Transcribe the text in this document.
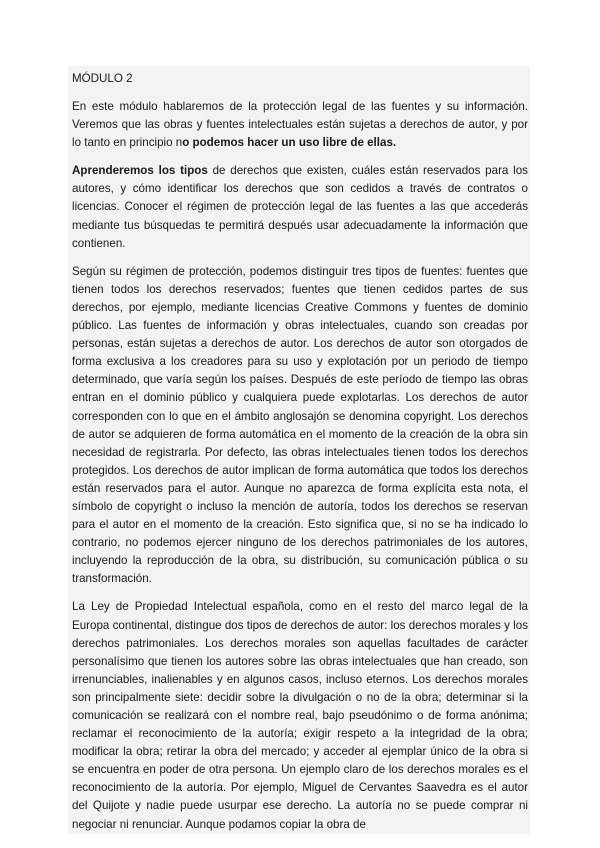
MÓDULO 2

En este módulo hablaremos de la protección legal de las fuentes y su información. Veremos que las obras y fuentes intelectuales están sujetas a derechos de autor, y por lo tanto en principio no podemos hacer un uso libre de ellas.

Aprenderemos los tipos de derechos que existen, cuáles están reservados para los autores, y cómo identificar los derechos que son cedidos a través de contratos o licencias. Conocer el régimen de protección legal de las fuentes a las que accederás mediante tus búsquedas te permitirá después usar adecuadamente la información que contienen.

Según su régimen de protección, podemos distinguir tres tipos de fuentes: fuentes que tienen todos los derechos reservados; fuentes que tienen cedidos partes de sus derechos, por ejemplo, mediante licencias Creative Commons y fuentes de dominio público. Las fuentes de información y obras intelectuales, cuando son creadas por personas, están sujetas a derechos de autor. Los derechos de autor son otorgados de forma exclusiva a los creadores para su uso y explotación por un periodo de tiempo determinado, que varía según los países. Después de este período de tiempo las obras entran en el dominio público y cualquiera puede explotarlas. Los derechos de autor corresponden con lo que en el ámbito anglosajón se denomina copyright. Los derechos de autor se adquieren de forma automática en el momento de la creación de la obra sin necesidad de registrarla. Por defecto, las obras intelectuales tienen todos los derechos protegidos. Los derechos de autor implican de forma automática que todos los derechos están reservados para el autor. Aunque no aparezca de forma explícita esta nota, el símbolo de copyright o incluso la mención de autoría, todos los derechos se reservan para el autor en el momento de la creación. Esto significa que, si no se ha indicado lo contrario, no podemos ejercer ninguno de los derechos patrimoniales de los autores, incluyendo la reproducción de la obra, su distribución, su comunicación pública o su transformación.

La Ley de Propiedad Intelectual española, como en el resto del marco legal de la Europa continental, distingue dos tipos de derechos de autor: los derechos morales y los derechos patrimoniales. Los derechos morales son aquellas facultades de carácter personalísimo que tienen los autores sobre las obras intelectuales que han creado, son irrenunciables, inalienables y en algunos casos, incluso eternos. Los derechos morales son principalmente siete: decidir sobre la divulgación o no de la obra; determinar si la comunicación se realizará con el nombre real, bajo pseudónimo o de forma anónima; reclamar el reconocimiento de la autoría; exigir respeto a la integridad de la obra; modificar la obra; retirar la obra del mercado; y acceder al ejemplar único de la obra si se encuentra en poder de otra persona. Un ejemplo claro de los derechos morales es el reconocimiento de la autoría. Por ejemplo, Miguel de Cervantes Saavedra es el autor del Quijote y nadie puede usurpar ese derecho. La autoría no se puede comprar ni negociar ni renunciar. Aunque podamos copiar la obra de
